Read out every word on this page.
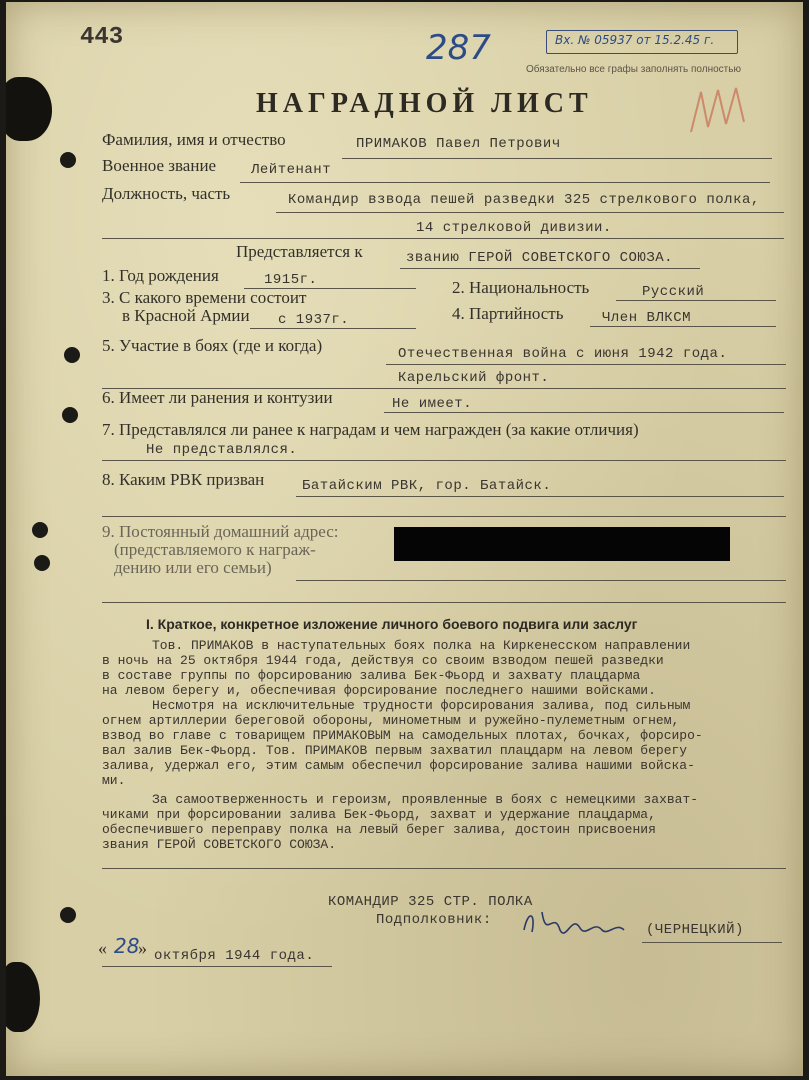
443	287	Вх. № 05937 от 15.2.45 г.
Обязательно все графы заполнять полностью
НАГРАДНОЙ ЛИСТ
Фамилия, имя и отчество	ПРИМАКОВ Павел Петрович
Военное звание Лейтенант
Должность, часть	Командир взвода пешей разведки 325 стрелкового полка,
14 стрелковой дивизии.
Представляется к	званию ГЕРОЙ СОВЕТСКОГО СОЮЗА.
1. Год рождения	1915г.	2. Национальность	Русский
3. С какого времени состоит
в Красной Армии с 1937г.	4. Партийность	Член ВЛКСМ
5. Участие в боях (где и когда)	Отечественная война с июня 1942 года.
Карельский фронт.
6. Имеет ли ранения и контузии	Не имеет.
7. Представлялся ли ранее к наградам и чем награжден (за какие отличия)
Не представлялся.
8. Каким РВК призван	Батайским РВК, гор. Батайск.
9. Постоянный домашний адрес:
(представляемого к награж-
дению или его семьи)
I. Краткое, конкретное изложение личного боевого подвига или заслуг
Тов. ПРИМАКОВ в наступательных боях полка на Киркенесском направлении
в ночь на 25 октября 1944 года, действуя со своим взводом пешей разведки
в составе группы по форсированию залива Бек-Фьорд и захвату плацдарма
на левом берегу и, обеспечивая форсирование последнего нашими войсками.
Несмотря на исключительные трудности форсирования залива, под сильным
огнем артиллерии береговой обороны, минометным и ружейно-пулеметным огнем,
взвод во главе с товарищем ПРИМАКОВЫМ на самодельных плотах, бочках, форсиро-
вал залив Бек-Фьорд. Тов. ПРИМАКОВ первым захватил плацдарм на левом берегу
залива, удержал его, этим самым обеспечил форсирование залива нашими войска-
ми.
За самоотверженность и героизм, проявленные в боях с немецкими захват-
чиками при форсировании залива Бек-Фьорд, захват и удержание плацдарма,
обеспечившего переправу полка на левый берег залива, достоин присвоения
звания ГЕРОЙ СОВЕТСКОГО СОЮЗА.
КОМАНДИР 325 СТР. ПОЛКА
Подполковник:
(ЧЕРНЕЦКИЙ)
« 28
» октября 1944 года.
